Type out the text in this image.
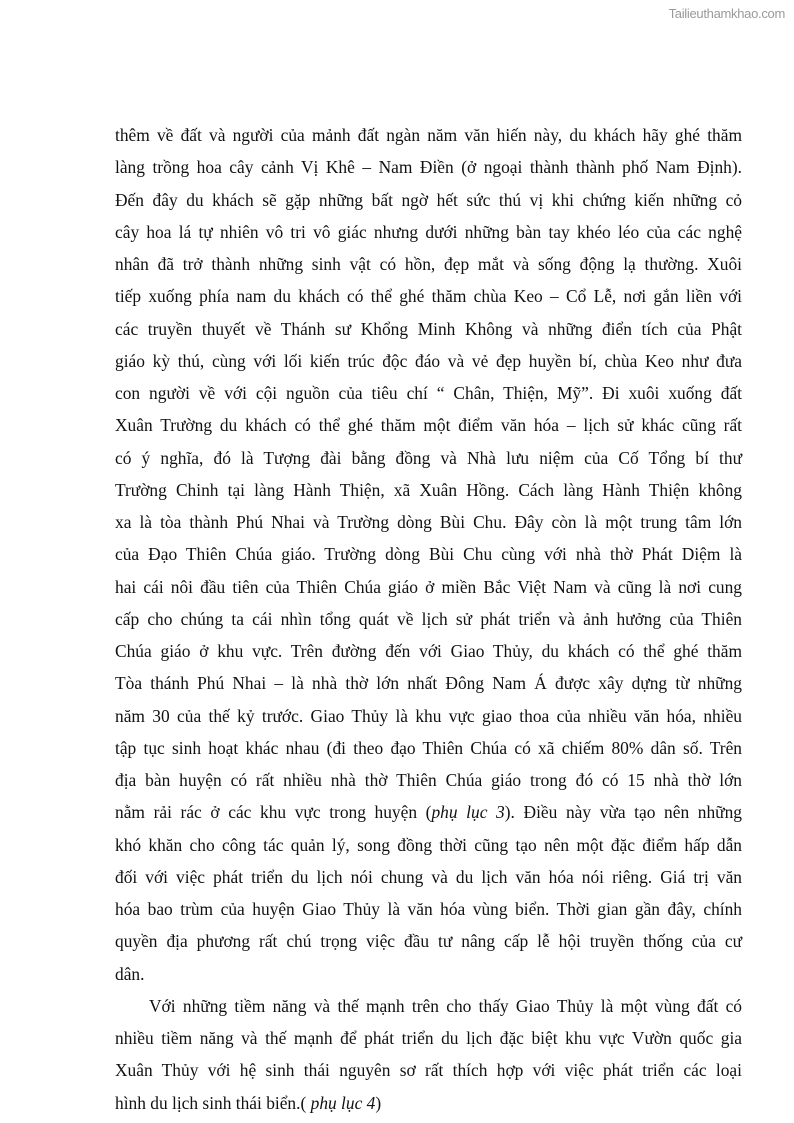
Tailieuthamkhao.com
thêm về đất và người của mảnh đất ngàn năm văn hiến này, du khách hãy ghé thăm
làng trồng hoa cây cảnh Vị Khê – Nam Điền (ở ngoại thành thành phố Nam Định).
Đến đây du khách sẽ gặp những bất ngờ hết sức thú vị khi chứng kiến những cỏ
cây hoa lá tự nhiên vô tri vô giác nhưng dưới những bàn tay khéo léo của các nghệ
nhân đã trở thành những sinh vật có hồn, đẹp mắt và sống động lạ thường. Xuôi
tiếp xuống phía nam du khách có thể ghé thăm chùa Keo – Cổ Lễ, nơi gắn liền với
các truyền thuyết về Thánh sư Khổng Minh Không và những điển tích của Phật
giáo kỳ thú, cùng với lối kiến trúc độc đáo và vẻ đẹp huyền bí, chùa Keo như đưa
con người về với cội nguồn của tiêu chí “ Chân, Thiện, Mỹ”. Đi xuôi xuống đất
Xuân Trường du khách có thể ghé thăm một điểm văn hóa – lịch sử khác cũng rất
có ý nghĩa, đó là Tượng đài bằng đồng và Nhà lưu niệm của Cố Tổng bí thư
Trường Chinh tại làng Hành Thiện, xã Xuân Hồng. Cách làng Hành Thiện không
xa là tòa thành Phú Nhai và Trường dòng Bùi Chu. Đây còn là một trung tâm lớn
của Đạo Thiên Chúa giáo. Trường dòng Bùi Chu cùng với nhà thờ Phát Diệm là
hai cái nôi đầu tiên của Thiên Chúa giáo ở miền Bắc Việt Nam và cũng là nơi cung
cấp cho chúng ta cái nhìn tổng quát về lịch sử phát triển và ảnh hưởng của Thiên
Chúa giáo ở khu vực. Trên đường đến với Giao Thủy, du khách có thể ghé thăm
Tòa thánh Phú Nhai – là nhà thờ lớn nhất Đông Nam Á được xây dựng từ những
năm 30 của thế kỷ trước. Giao Thủy là khu vực giao thoa của nhiều văn hóa, nhiều
tập tục sinh hoạt khác nhau (đi theo đạo Thiên Chúa có xã chiếm 80% dân số. Trên
địa bàn huyện có rất nhiều nhà thờ Thiên Chúa giáo trong đó có 15 nhà thờ lớn
nằm rải rác ở các khu vực trong huyện (phụ lục 3). Điều này vừa tạo nên những
khó khăn cho công tác quản lý, song đồng thời cũng tạo nên một đặc điểm hấp dẫn
đối với việc phát triển du lịch nói chung và du lịch văn hóa nói riêng. Giá trị văn
hóa bao trùm của huyện Giao Thủy là văn hóa vùng biển. Thời gian gần đây, chính
quyền địa phương rất chú trọng việc đầu tư nâng cấp lễ hội truyền thống của cư
dân.
Với những tiềm năng và thế mạnh trên cho thấy Giao Thủy là một vùng đất có
nhiều tiềm năng và thế mạnh để phát triển du lịch đặc biệt khu vực Vườn quốc gia
Xuân Thủy với hệ sinh thái nguyên sơ rất thích hợp với việc phát triển các loại
hình du lịch sinh thái biển.( phụ lục 4)
